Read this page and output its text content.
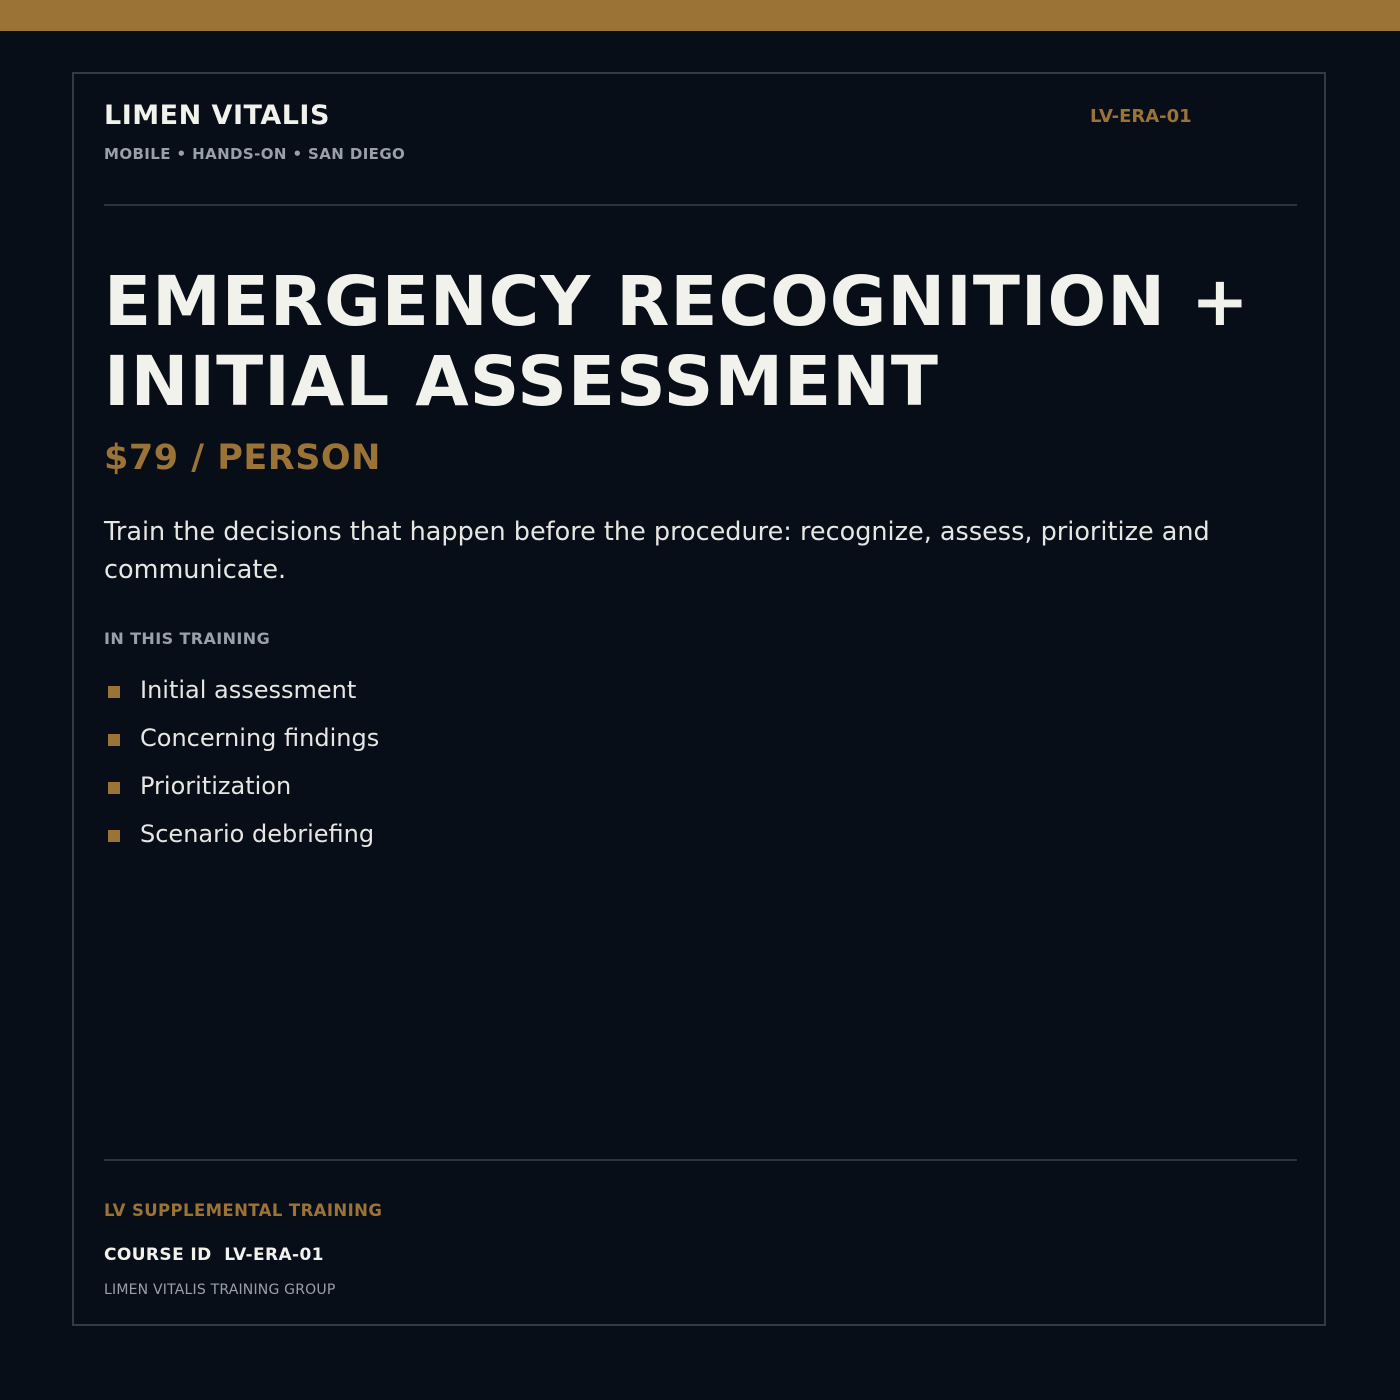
LIMEN VITALIS
MOBILE • HANDS-ON • SAN DIEGO
LV-ERA-01
EMERGENCY RECOGNITION + INITIAL ASSESSMENT
$79 / PERSON

Train the decisions that happen before the procedure: recognize, assess, prioritize and communicate.

IN THIS TRAINING
Initial assessment
Concerning findings
Prioritization
Scenario debriefing
LV SUPPLEMENTAL TRAINING
COURSE ID  LV-ERA-01
LIMEN VITALIS TRAINING GROUP
